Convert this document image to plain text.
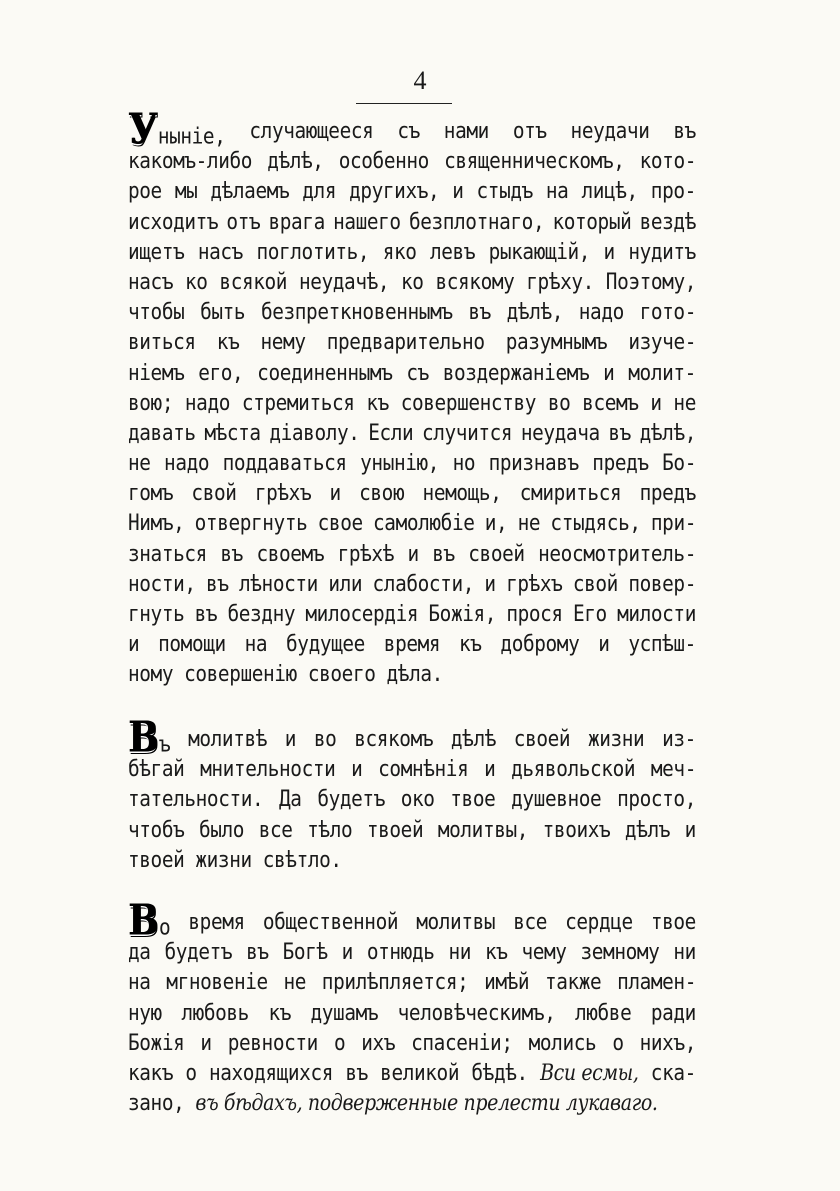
4
Уныніе, случающееся съ нами отъ неудачи въ
какомъ-либо дѣлѣ, особенно священническомъ, кото-
рое мы дѣлаемъ для другихъ, и стыдъ на лицѣ, про-
исходитъ отъ врага нашего безплотнаго, который вездѣ
ищетъ насъ поглотить, яко левъ рыкающій, и нудитъ
насъ ко всякой неудачѣ, ко всякому грѣху. Поэтому,
чтобы быть безпреткновеннымъ въ дѣлѣ, надо гото-
виться къ нему предварительно разумнымъ изуче-
ніемъ его, соединеннымъ съ воздержаніемъ и молит-
вою; надо стремиться къ совершенству во всемъ и не
давать мѣста діаволу. Если случится неудача въ дѣлѣ,
не надо поддаваться унынію, но признавъ предъ Бо-
гомъ свой грѣхъ и свою немощь, смириться предъ
Нимъ, отвергнуть свое самолюбіе и, не стыдясь, при-
знаться въ своемъ грѣхѣ и въ своей неосмотритель-
ности, въ лѣности или слабости, и грѣхъ свой повер-
гнуть въ бездну милосердія Божія, прося Его милости
и помощи на будущее время къ доброму и успѣш-
ному совершенію своего дѣла.
Въ молитвѣ и во всякомъ дѣлѣ своей жизни из-
бѣгай мнительности и сомнѣнія и дьявольской меч-
тательности. Да будетъ око твое душевное просто,
чтобъ было все тѣло твоей молитвы, твоихъ дѣлъ и
твоей жизни свѣтло.
Во время общественной молитвы все сердце твое
да будетъ въ Богѣ и отнюдь ни къ чему земному ни
на мгновеніе не прилѣпляется; имѣй также пламен-
ную любовь къ душамъ человѣческимъ, любве ради
Божія и ревности о ихъ спасеніи; молись о нихъ,
какъ о находящихся въ великой бѣдѣ. Вси есмы, ска-
зано, въ бѣдахъ, подверженные прелести лукаваго.
